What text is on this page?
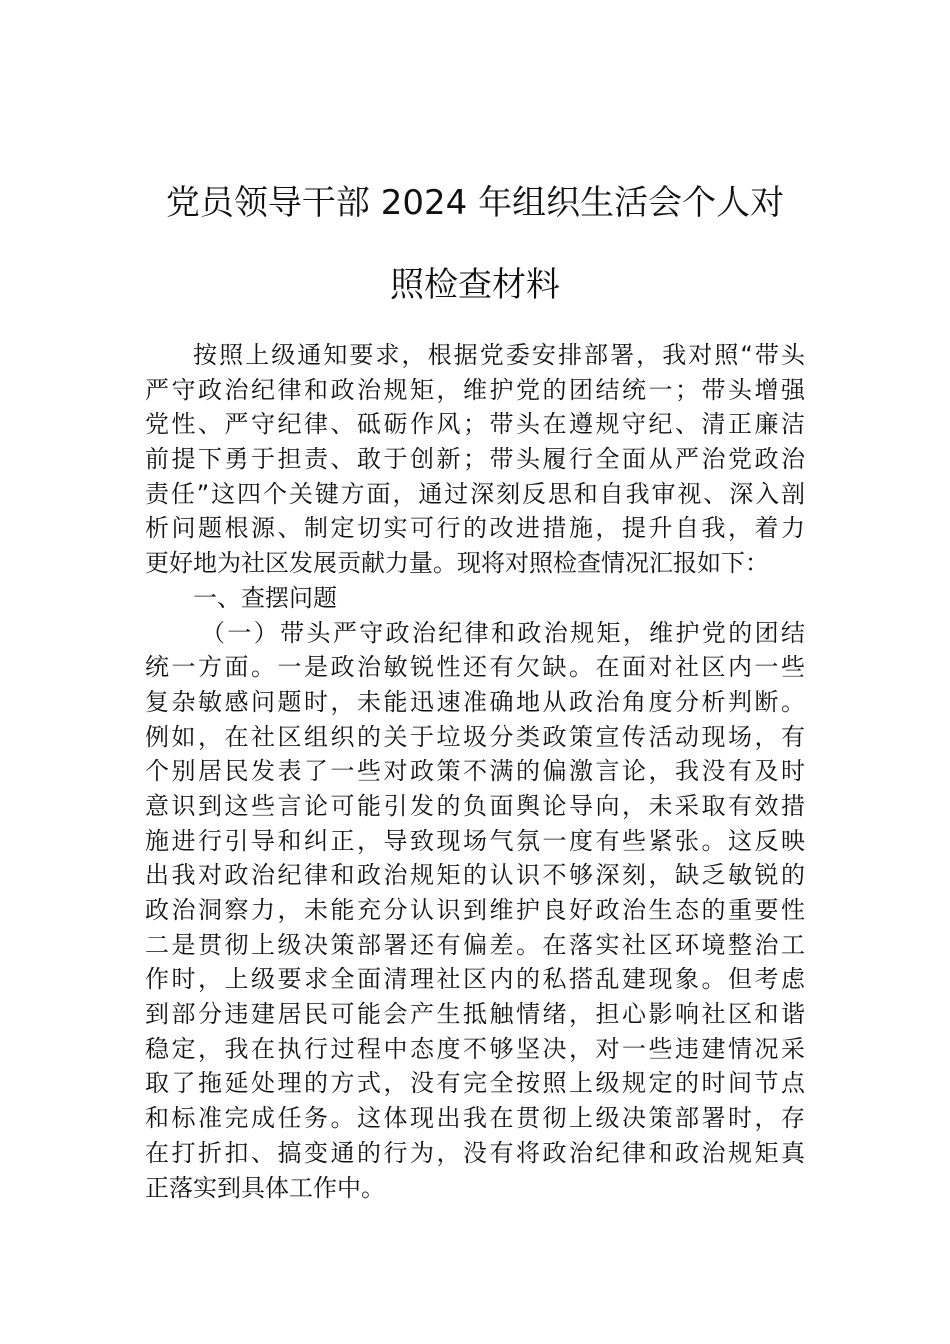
党员领导干部 2024 年组织生活会个人对
照检查材料
按照上级通知要求，根据党委安排部署，我对照“带头
严守政治纪律和政治规矩，维护党的团结统一；带头增强
党性、严守纪律、砥砺作风；带头在遵规守纪、清正廉洁
前提下勇于担责、敢于创新；带头履行全面从严治党政治
责任”这四个关键方面，通过深刻反思和自我审视、深入剖
析问题根源、制定切实可行的改进措施，提升自我，着力
更好地为社区发展贡献力量。现将对照检查情况汇报如下：
一、查摆问题
（一）带头严守政治纪律和政治规矩，维护党的团结
统一方面。一是政治敏锐性还有欠缺。在面对社区内一些
复杂敏感问题时，未能迅速准确地从政治角度分析判断。
例如，在社区组织的关于垃圾分类政策宣传活动现场，有
个别居民发表了一些对政策不满的偏激言论，我没有及时
意识到这些言论可能引发的负面舆论导向，未采取有效措
施进行引导和纠正，导致现场气氛一度有些紧张。这反映
出我对政治纪律和政治规矩的认识不够深刻，缺乏敏锐的
政治洞察力，未能充分认识到维护良好政治生态的重要性
二是贯彻上级决策部署还有偏差。在落实社区环境整治工
作时，上级要求全面清理社区内的私搭乱建现象。但考虑
到部分违建居民可能会产生抵触情绪，担心影响社区和谐
稳定，我在执行过程中态度不够坚决，对一些违建情况采
取了拖延处理的方式，没有完全按照上级规定的时间节点
和标准完成任务。这体现出我在贯彻上级决策部署时，存
在打折扣、搞变通的行为，没有将政治纪律和政治规矩真
正落实到具体工作中。
